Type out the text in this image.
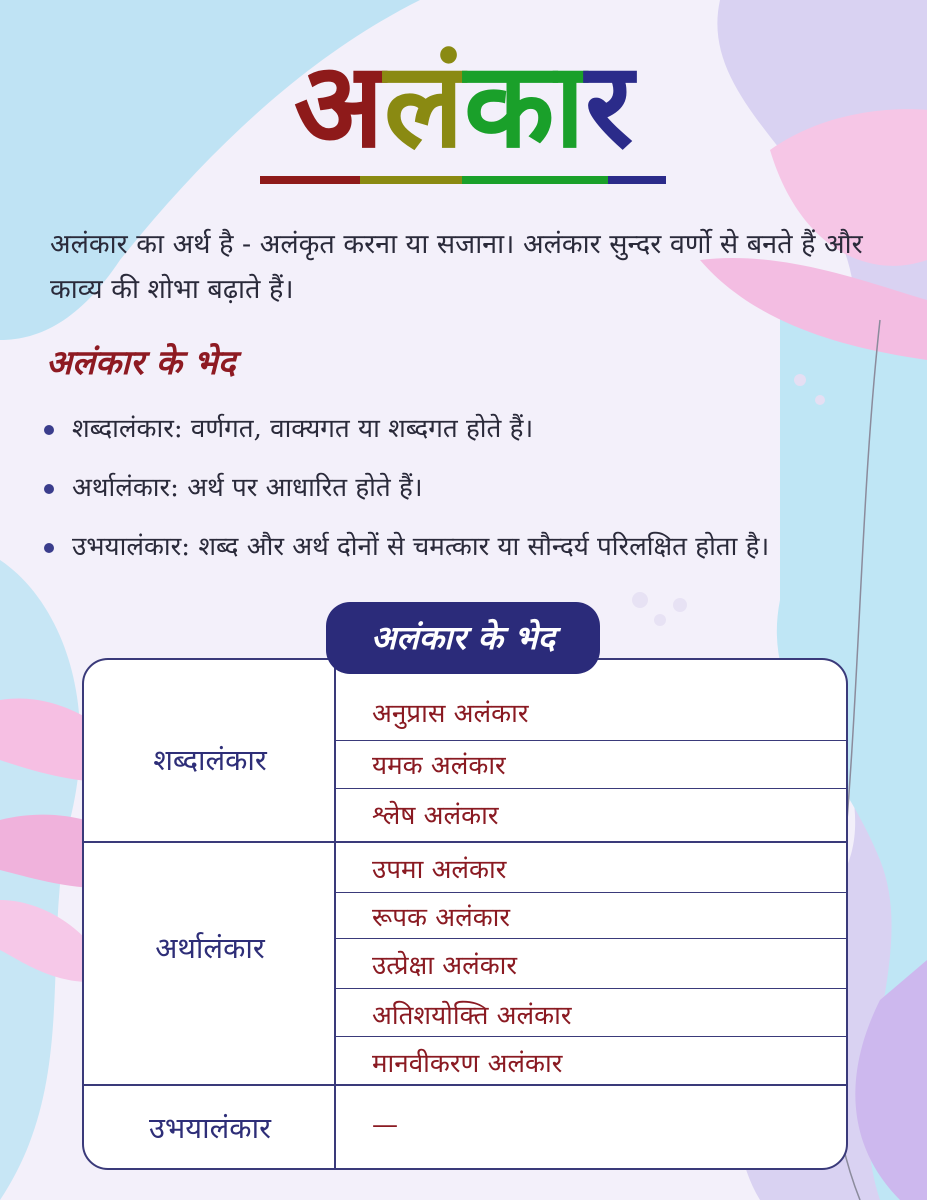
अलंकार
अलंकार का अर्थ है - अलंकृत करना या सजाना। अलंकार सुन्दर वर्णो से बनते हैं और काव्य की शोभा बढ़ाते हैं।
अलंकार के भेद
शब्दालंकार: वर्णगत, वाक्यगत या शब्दगत होते हैं।
अर्थालंकार: अर्थ पर आधारित होते हैं।
उभयालंकार: शब्द और अर्थ दोनों से चमत्कार या सौन्दर्य परिलक्षित होता है।
शब्दालंकार
अर्थालंकार
उभयालंकार
अनुप्रास अलंकार
यमक अलंकार
श्लेष अलंकार
उपमा अलंकार
रूपक अलंकार
उत्प्रेक्षा अलंकार
अतिशयोक्ति अलंकार
मानवीकरण अलंकार
—
अलंकार के भेद
